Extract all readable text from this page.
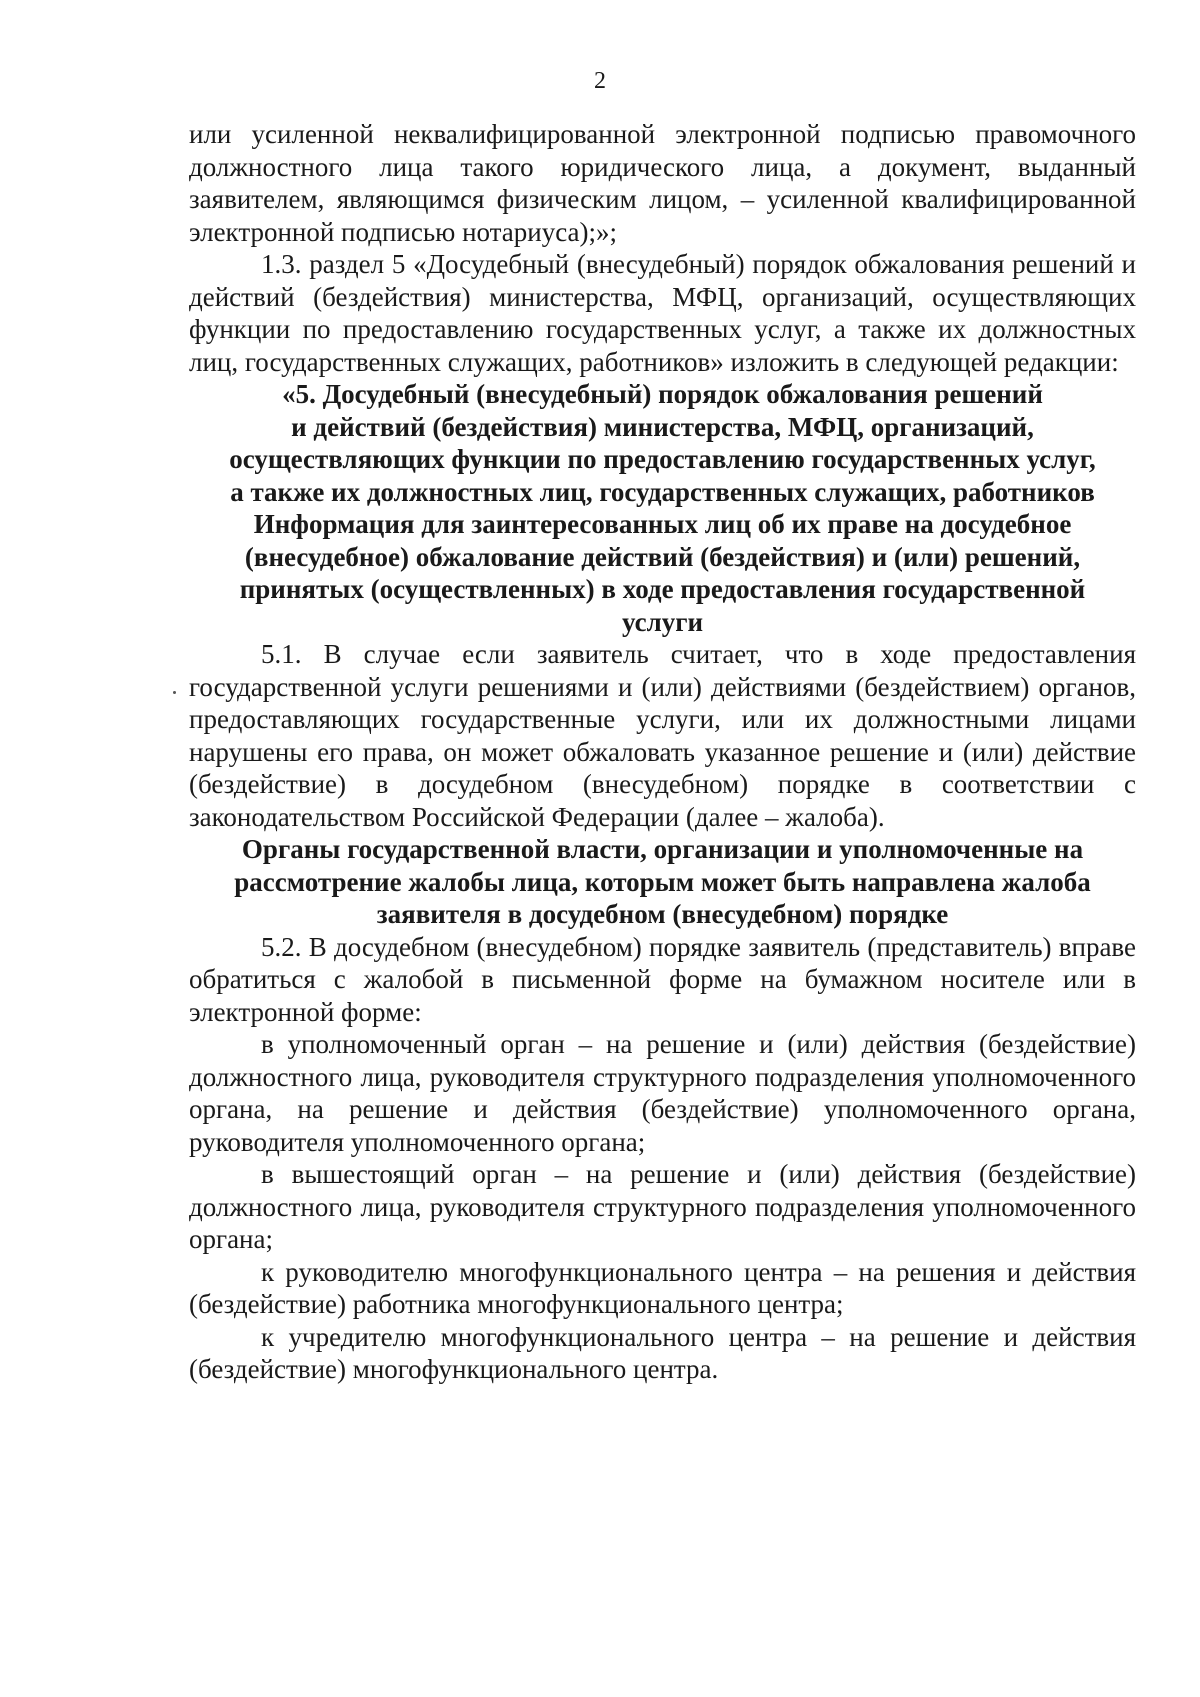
2

или усиленной неквалифицированной электронной подписью правомочного должностного лица такого юридического лица, а документ, выданный заявителем, являющимся физическим лицом, – усиленной квалифицированной электронной подписью нотариуса);»;

1.3. раздел 5 «Досудебный (внесудебный) порядок обжалования решений и действий (бездействия) министерства, МФЦ, организаций, осуществляющих функции по предоставлению государственных услуг, а также их должностных лиц, государственных служащих, работников» изложить в следующей редакции:

«5. Досудебный (внесудебный) порядок обжалования решений
и действий (бездействия) министерства, МФЦ, организаций,
осуществляющих функции по предоставлению государственных услуг,
а также их должностных лиц, государственных служащих, работников
Информация для заинтересованных лиц об их праве на досудебное
(внесудебное) обжалование действий (бездействия) и (или) решений,
принятых (осуществленных) в ходе предоставления государственной
услуги

5.1. В случае если заявитель считает, что в ходе предоставления государственной услуги решениями и (или) действиями (бездействием) органов, предоставляющих государственные услуги, или их должностными лицами нарушены его права, он может обжаловать указанное решение и (или) действие (бездействие) в досудебном (внесудебном) порядке в соответствии с законодательством Российской Федерации (далее – жалоба).

Органы государственной власти, организации и уполномоченные на
рассмотрение жалобы лица, которым может быть направлена жалоба
заявителя в досудебном (внесудебном) порядке

5.2. В досудебном (внесудебном) порядке заявитель (представитель) вправе обратиться с жалобой в письменной форме на бумажном носителе или в электронной форме:

в уполномоченный орган – на решение и (или) действия (бездействие) должностного лица, руководителя структурного подразделения уполномоченного органа, на решение и действия (бездействие) уполномоченного органа, руководителя уполномоченного органа;

в вышестоящий орган – на решение и (или) действия (бездействие) должностного лица, руководителя структурного подразделения уполномоченного органа;

к руководителю многофункционального центра – на решения и действия (бездействие) работника многофункционального центра;

к учредителю многофункционального центра – на решение и действия (бездействие) многофункционального центра.
